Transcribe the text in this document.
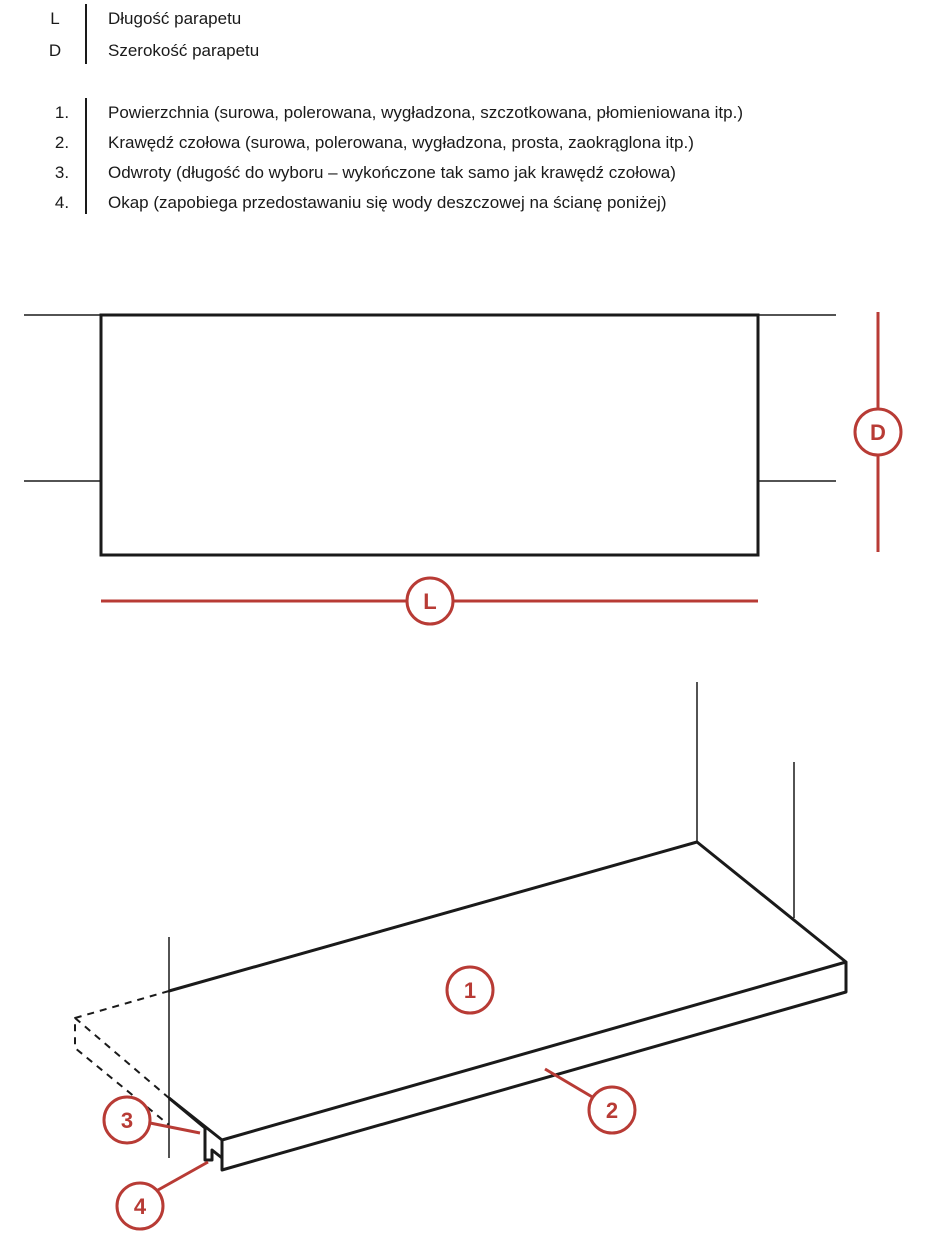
L	Długość parapetu
D	Szerokość parapetu
1.	Powierzchnia (surowa, polerowana, wygładzona, szczotkowana, płomieniowana itp.)
2.	Krawędź czołowa (surowa, polerowana, wygładzona, prosta, zaokrąglona itp.)
3.	Odwroty (długość do wyboru – wykończone tak samo jak krawędź czołowa)
4.	Okap (zapobiega przedostawaniu się wody deszczowej na ścianę poniżej)
D
L
1
2
3
4
